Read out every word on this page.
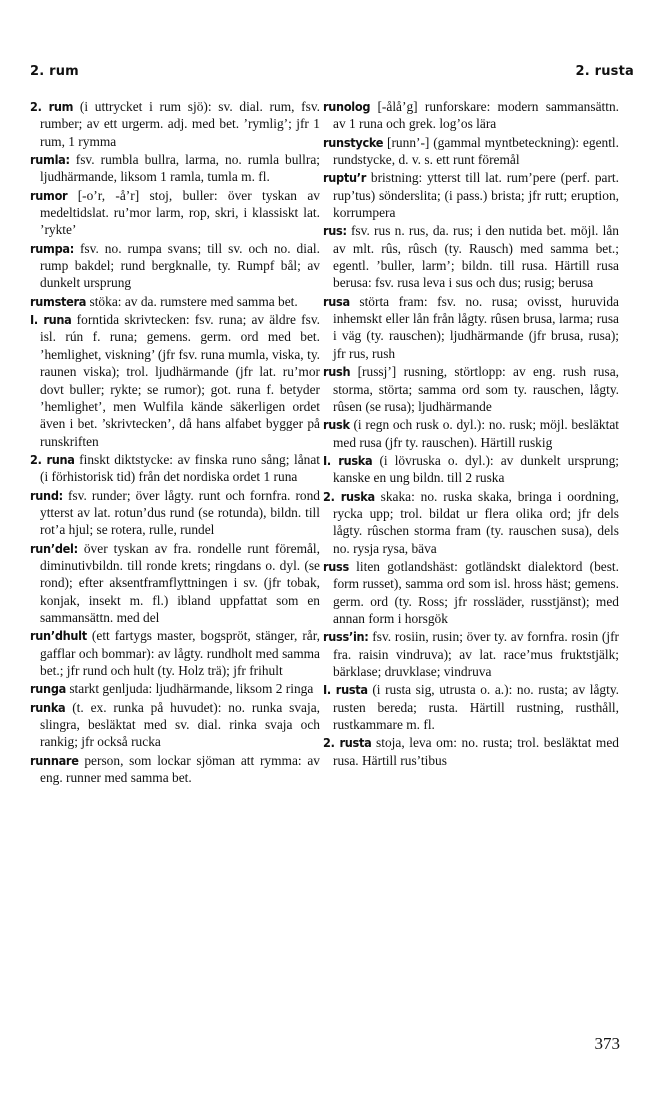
2. rum	2. rusta

2. rum (i uttrycket i rum sjö): sv. dial. rum, fsv. rumber; av ett urgerm. adj. med bet. ’rymlig’; jfr 1 rum, 1 rymma

rumla: fsv. rumbla bullra, larma, no. rumla bullra; ljudhärmande, liksom 1 ramla, tumla m. fl.

rumor [-o’r, -å’r] stoj, buller: över tyskan av medeltidslat. ru’mor larm, rop, skri, i klassiskt lat. ’rykte’

rumpa: fsv. no. rumpa svans; till sv. och no. dial. rump bakdel; rund bergknalle, ty. Rumpf bål; av dunkelt ursprung

rumstera stöka: av da. rumstere med samma bet.

I. runa forntida skrivtecken: fsv. runa; av äldre fsv. isl. rún f. runa; gemens. germ. ord med bet. ’hemlighet, viskning’ (jfr fsv. runa mumla, viska, ty. raunen viska); trol. ljudhärmande (jfr lat. ru’mor dovt buller; rykte; se rumor); got. runa f. betyder ’hemlighet’, men Wulfila kände säkerligen ordet även i bet. ’skrivtecken’, då hans alfabet bygger på runskriften

2. runa finskt diktstycke: av finska runo sång; lånat (i förhistorisk tid) från det nordiska ordet 1 runa

rund: fsv. runder; över lågty. runt och fornfra. rond ytterst av lat. rotun’dus rund (se rotunda), bildn. till rot’a hjul; se rotera, rulle, rundel

run’del: över tyskan av fra. rondelle runt föremål, diminutivbildn. till ronde krets; ringdans o. dyl. (se rond); efter aksentframflyttningen i sv. (jfr tobak, konjak, insekt m. fl.) ibland uppfattat som en sammansättn. med del

run’dhult (ett fartygs master, bogspröt, stänger, rår, gafflar och bommar): av lågty. rundholt med samma bet.; jfr rund och hult (ty. Holz trä); jfr frihult

runga starkt genljuda: ljudhärmande, liksom 2 ringa

runka (t. ex. runka på huvudet): no. runka svaja, slingra, besläktat med sv. dial. rinka svaja och rankig; jfr också rucka

runnare person, som lockar sjöman att rymma: av eng. runner med samma bet.

runolog [-ålå’g] runforskare: modern sammansättn. av 1 runa och grek. log’os lära

runstycke [runn’-] (gammal myntbeteckning): egentl. rundstycke, d. v. s. ett runt föremål

ruptu’r bristning: ytterst till lat. rum’pere (perf. part. rup’tus) sönderslita; (i pass.) brista; jfr rutt; eruption, korrumpera

rus: fsv. rus n. rus, da. rus; i den nutida bet. möjl. lån av mlt. rûs, rûsch (ty. Rausch) med samma bet.; egentl. ’buller, larm’; bildn. till rusa. Härtill rusa berusa: fsv. rusa leva i sus och dus; rusig; berusa

rusa störta fram: fsv. no. rusa; ovisst, huruvida inhemskt eller lån från lågty. rûsen brusa, larma; rusa i väg (ty. rauschen); ljudhärmande (jfr brusa, rusa); jfr rus, rush

rush [russj’] rusning, störtlopp: av eng. rush rusa, storma, störta; samma ord som ty. rauschen, lågty. rûsen (se rusa); ljudhärmande

rusk (i regn och rusk o. dyl.): no. rusk; möjl. besläktat med rusa (jfr ty. rauschen). Härtill ruskig

I. ruska (i lövruska o. dyl.): av dunkelt ursprung; kanske en ung bildn. till 2 ruska

2. ruska skaka: no. ruska skaka, bringa i oordning, rycka upp; trol. bildat ur flera olika ord; jfr dels lågty. rûschen storma fram (ty. rauschen susa), dels no. rysja rysa, bäva

russ liten gotlandshäst: gotländskt dialektord (best. form russet), samma ord som isl. hross häst; gemens. germ. ord (ty. Ross; jfr rossläder, russtjänst); med annan form i horsgök

russ’in: fsv. rosiin, rusin; över ty. av fornfra. rosin (jfr fra. raisin vindruva); av lat. race’mus fruktstjälk; bärklase; druvklase; vindruva

I. rusta (i rusta sig, utrusta o. a.): no. rusta; av lågty. rusten bereda; rusta. Härtill rustning, rusthåll, rustkammare m. fl.

2. rusta stoja, leva om: no. rusta; trol. besläktat med rusa. Härtill rus’tibus

373
